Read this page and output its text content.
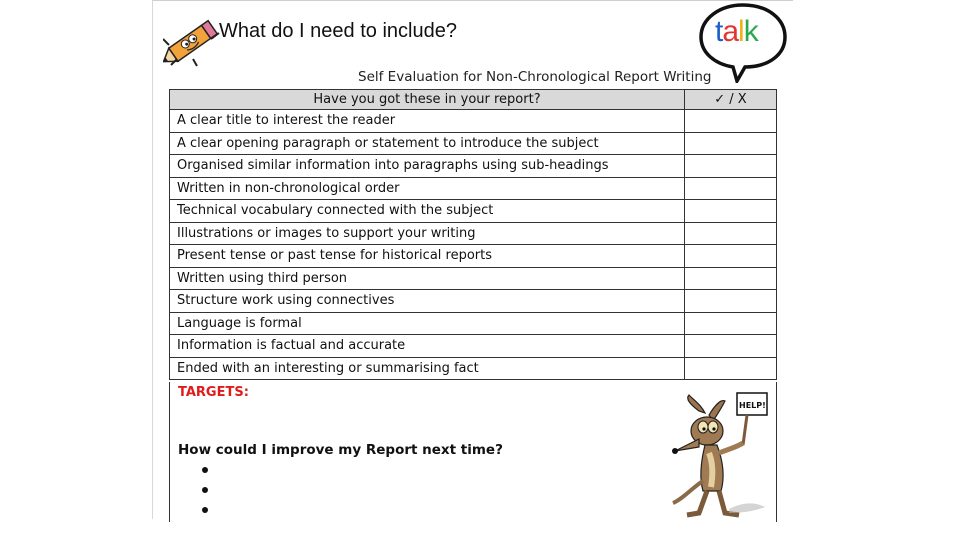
What do I need to include?	talk
Self Evaluation for Non-Chronological Report Writing
Have you got these in your report?	✓ / X
A clear title to interest the reader	
A clear opening paragraph or statement to introduce the subject	
Organised similar information into paragraphs using sub-headings	
Written in non-chronological order	
Technical vocabulary connected with the subject	
Illustrations or images to support your writing	
Present tense or past tense for historical reports	
Written using third person	
Structure work using connectives	
Language is formal	
Information is factual and accurate	
Ended with an interesting or summarising fact	
TARGETS:
How could I improve my Report next time?
HELP!
